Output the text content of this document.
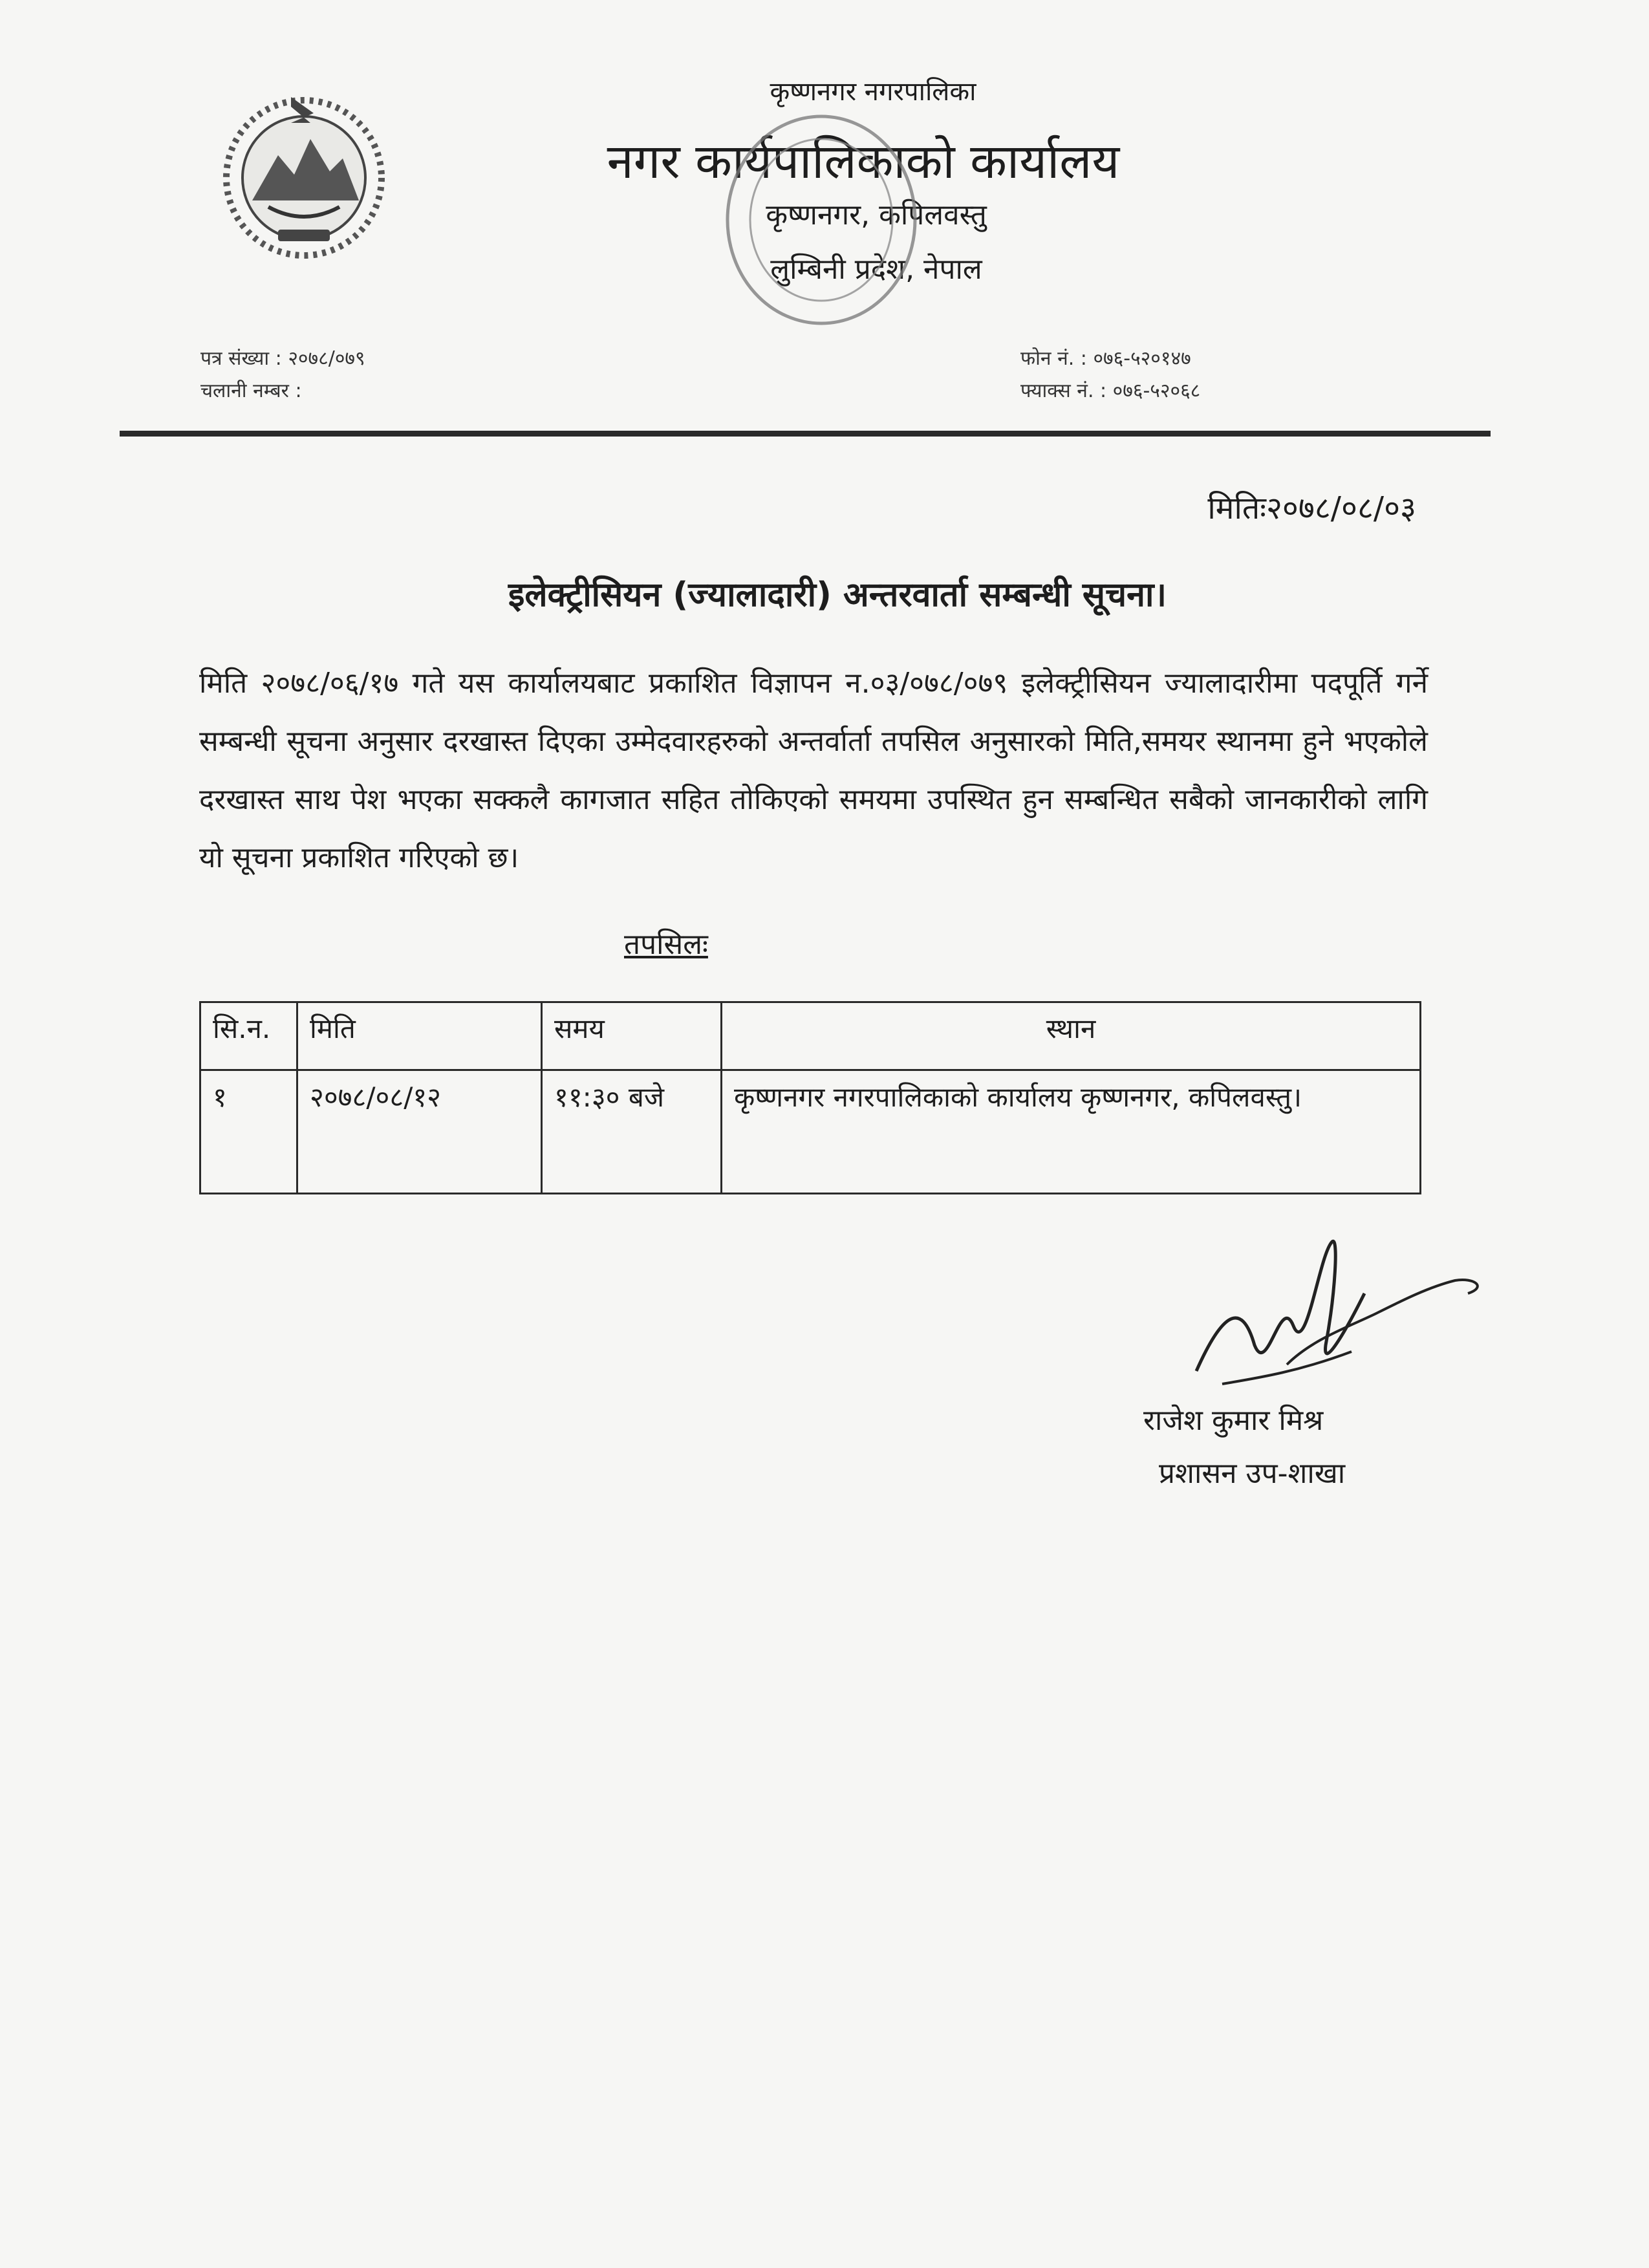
कृष्णनगर नगरपालिका
नगर कार्यपालिकाको कार्यालय
कृष्णनगर, कपिलवस्तु
लुम्बिनी प्रदेश, नेपाल
पत्र संख्या : २०७८/०७९
चलानी नम्बर :
फोन नं. : ०७६-५२०१४७
फ्याक्स नं. : ०७६-५२०६८
मितिः२०७८/०८/०३
इलेक्ट्रीसियन (ज्यालादारी) अन्तरवार्ता सम्बन्धी सूचना।
मिति २०७८/०६/१७ गते यस कार्यालयबाट प्रकाशित विज्ञापन न.०३/०७८/०७९ इलेक्ट्रीसियन ज्यालादारीमा पदपूर्ति गर्ने सम्बन्धी सूचना अनुसार दरखास्त दिएका उम्मेदवारहरुको अन्तर्वार्ता तपसिल अनुसारको मिति,समयर स्थानमा हुने भएकोले दरखास्त साथ पेश भएका सक्कलै कागजात सहित तोकिएको समयमा उपस्थित हुन सम्बन्धित सबैको जानकारीको लागि यो सूचना प्रकाशित गरिएको छ।
तपसिलः
सि.न.	मिति	समय	स्थान
१	२०७८/०८/१२	११:३० बजे	कृष्णनगर नगरपालिकाको कार्यालय कृष्णनगर, कपिलवस्तु।
राजेश कुमार मिश्र
प्रशासन उप-शाखा
